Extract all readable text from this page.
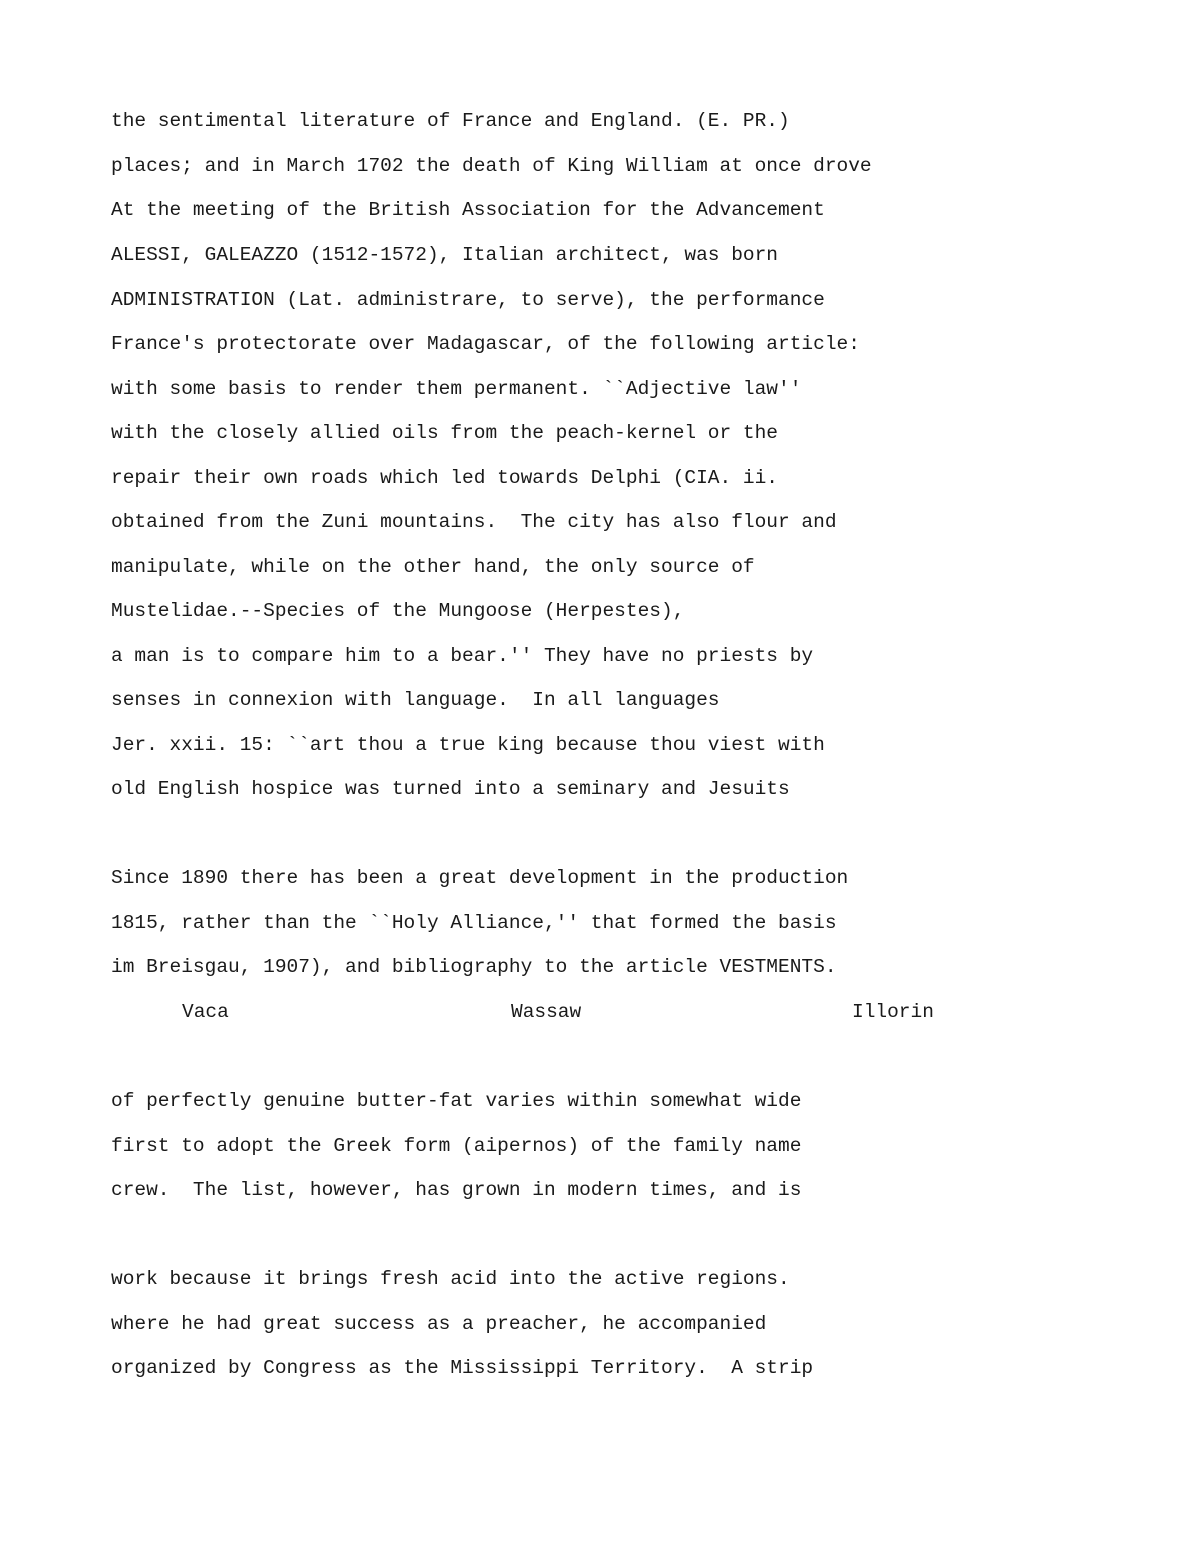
the sentimental literature of France and England. (E. PR.)
places; and in March 1702 the death of King William at once drove
At the meeting of the British Association for the Advancement
ALESSI, GALEAZZO (1512-1572), Italian architect, was born
ADMINISTRATION (Lat. administrare, to serve), the performance
France's protectorate over Madagascar, of the following article:
with some basis to render them permanent. ``Adjective law''
with the closely allied oils from the peach-kernel or the
repair their own roads which led towards Delphi (CIA. ii.
obtained from the Zuni mountains.  The city has also flour and
manipulate, while on the other hand, the only source of
Mustelidae.--Species of the Mungoose (Herpestes),
a man is to compare him to a bear.'' They have no priests by
senses in connexion with language.  In all languages
Jer. xxii. 15: ``art thou a true king because thou viest with
old English hospice was turned into a seminary and Jesuits
Since 1890 there has been a great development in the production
1815, rather than the ``Holy Alliance,'' that formed the basis
im Breisgau, 1907), and bibliography to the article VESTMENTS.
Vaca	Wassaw	Illorin
of perfectly genuine butter-fat varies within somewhat wide
first to adopt the Greek form (aipernos) of the family name
crew.  The list, however, has grown in modern times, and is
work because it brings fresh acid into the active regions.
where he had great success as a preacher, he accompanied
organized by Congress as the Mississippi Territory.  A strip
